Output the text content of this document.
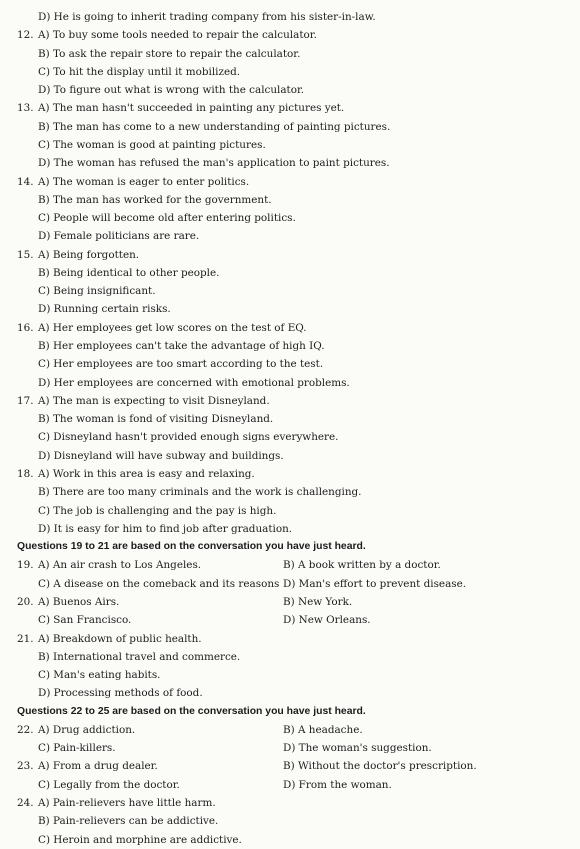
D) He is going to inherit trading company from his sister-in-law.
12. A) To buy some tools needed to repair the calculator.
B) To ask the repair store to repair the calculator.
C) To hit the display until it mobilized.
D) To figure out what is wrong with the calculator.
13. A) The man hasn't succeeded in painting any pictures yet.
B) The man has come to a new understanding of painting pictures.
C) The woman is good at painting pictures.
D) The woman has refused the man's application to paint pictures.
14. A) The woman is eager to enter politics.
B) The man has worked for the government.
C) People will become old after entering politics.
D) Female politicians are rare.
15. A) Being forgotten.
B) Being identical to other people.
C) Being insignificant.
D) Running certain risks.
16. A) Her employees get low scores on the test of EQ.
B) Her employees can't take the advantage of high IQ.
C) Her employees are too smart according to the test.
D) Her employees are concerned with emotional problems.
17. A) The man is expecting to visit Disneyland.
B) The woman is fond of visiting Disneyland.
C) Disneyland hasn't provided enough signs everywhere.
D) Disneyland will have subway and buildings.
18. A) Work in this area is easy and relaxing.
B) There are too many criminals and the work is challenging.
C) The job is challenging and the pay is high.
D) It is easy for him to find job after graduation.
Questions 19 to 21 are based on the conversation you have just heard.
19. A) An air crash to Los Angeles.	B) A book written by a doctor.
C) A disease on the comeback and its reasons D) Man's effort to prevent disease.
20. A) Buenos Airs.	B) New York.
C) San Francisco.	D) New Orleans.
21. A) Breakdown of public health.
B) International travel and commerce.
C) Man's eating habits.
D) Processing methods of food.
Questions 22 to 25 are based on the conversation you have just heard.
22. A) Drug addiction.	B) A headache.
C) Pain-killers.	D) The woman's suggestion.
23. A) From a drug dealer.	B) Without the doctor's prescription.
C) Legally from the doctor.	D) From the woman.
24. A) Pain-relievers have little harm.
B) Pain-relievers can be addictive.
C) Heroin and morphine are addictive.
